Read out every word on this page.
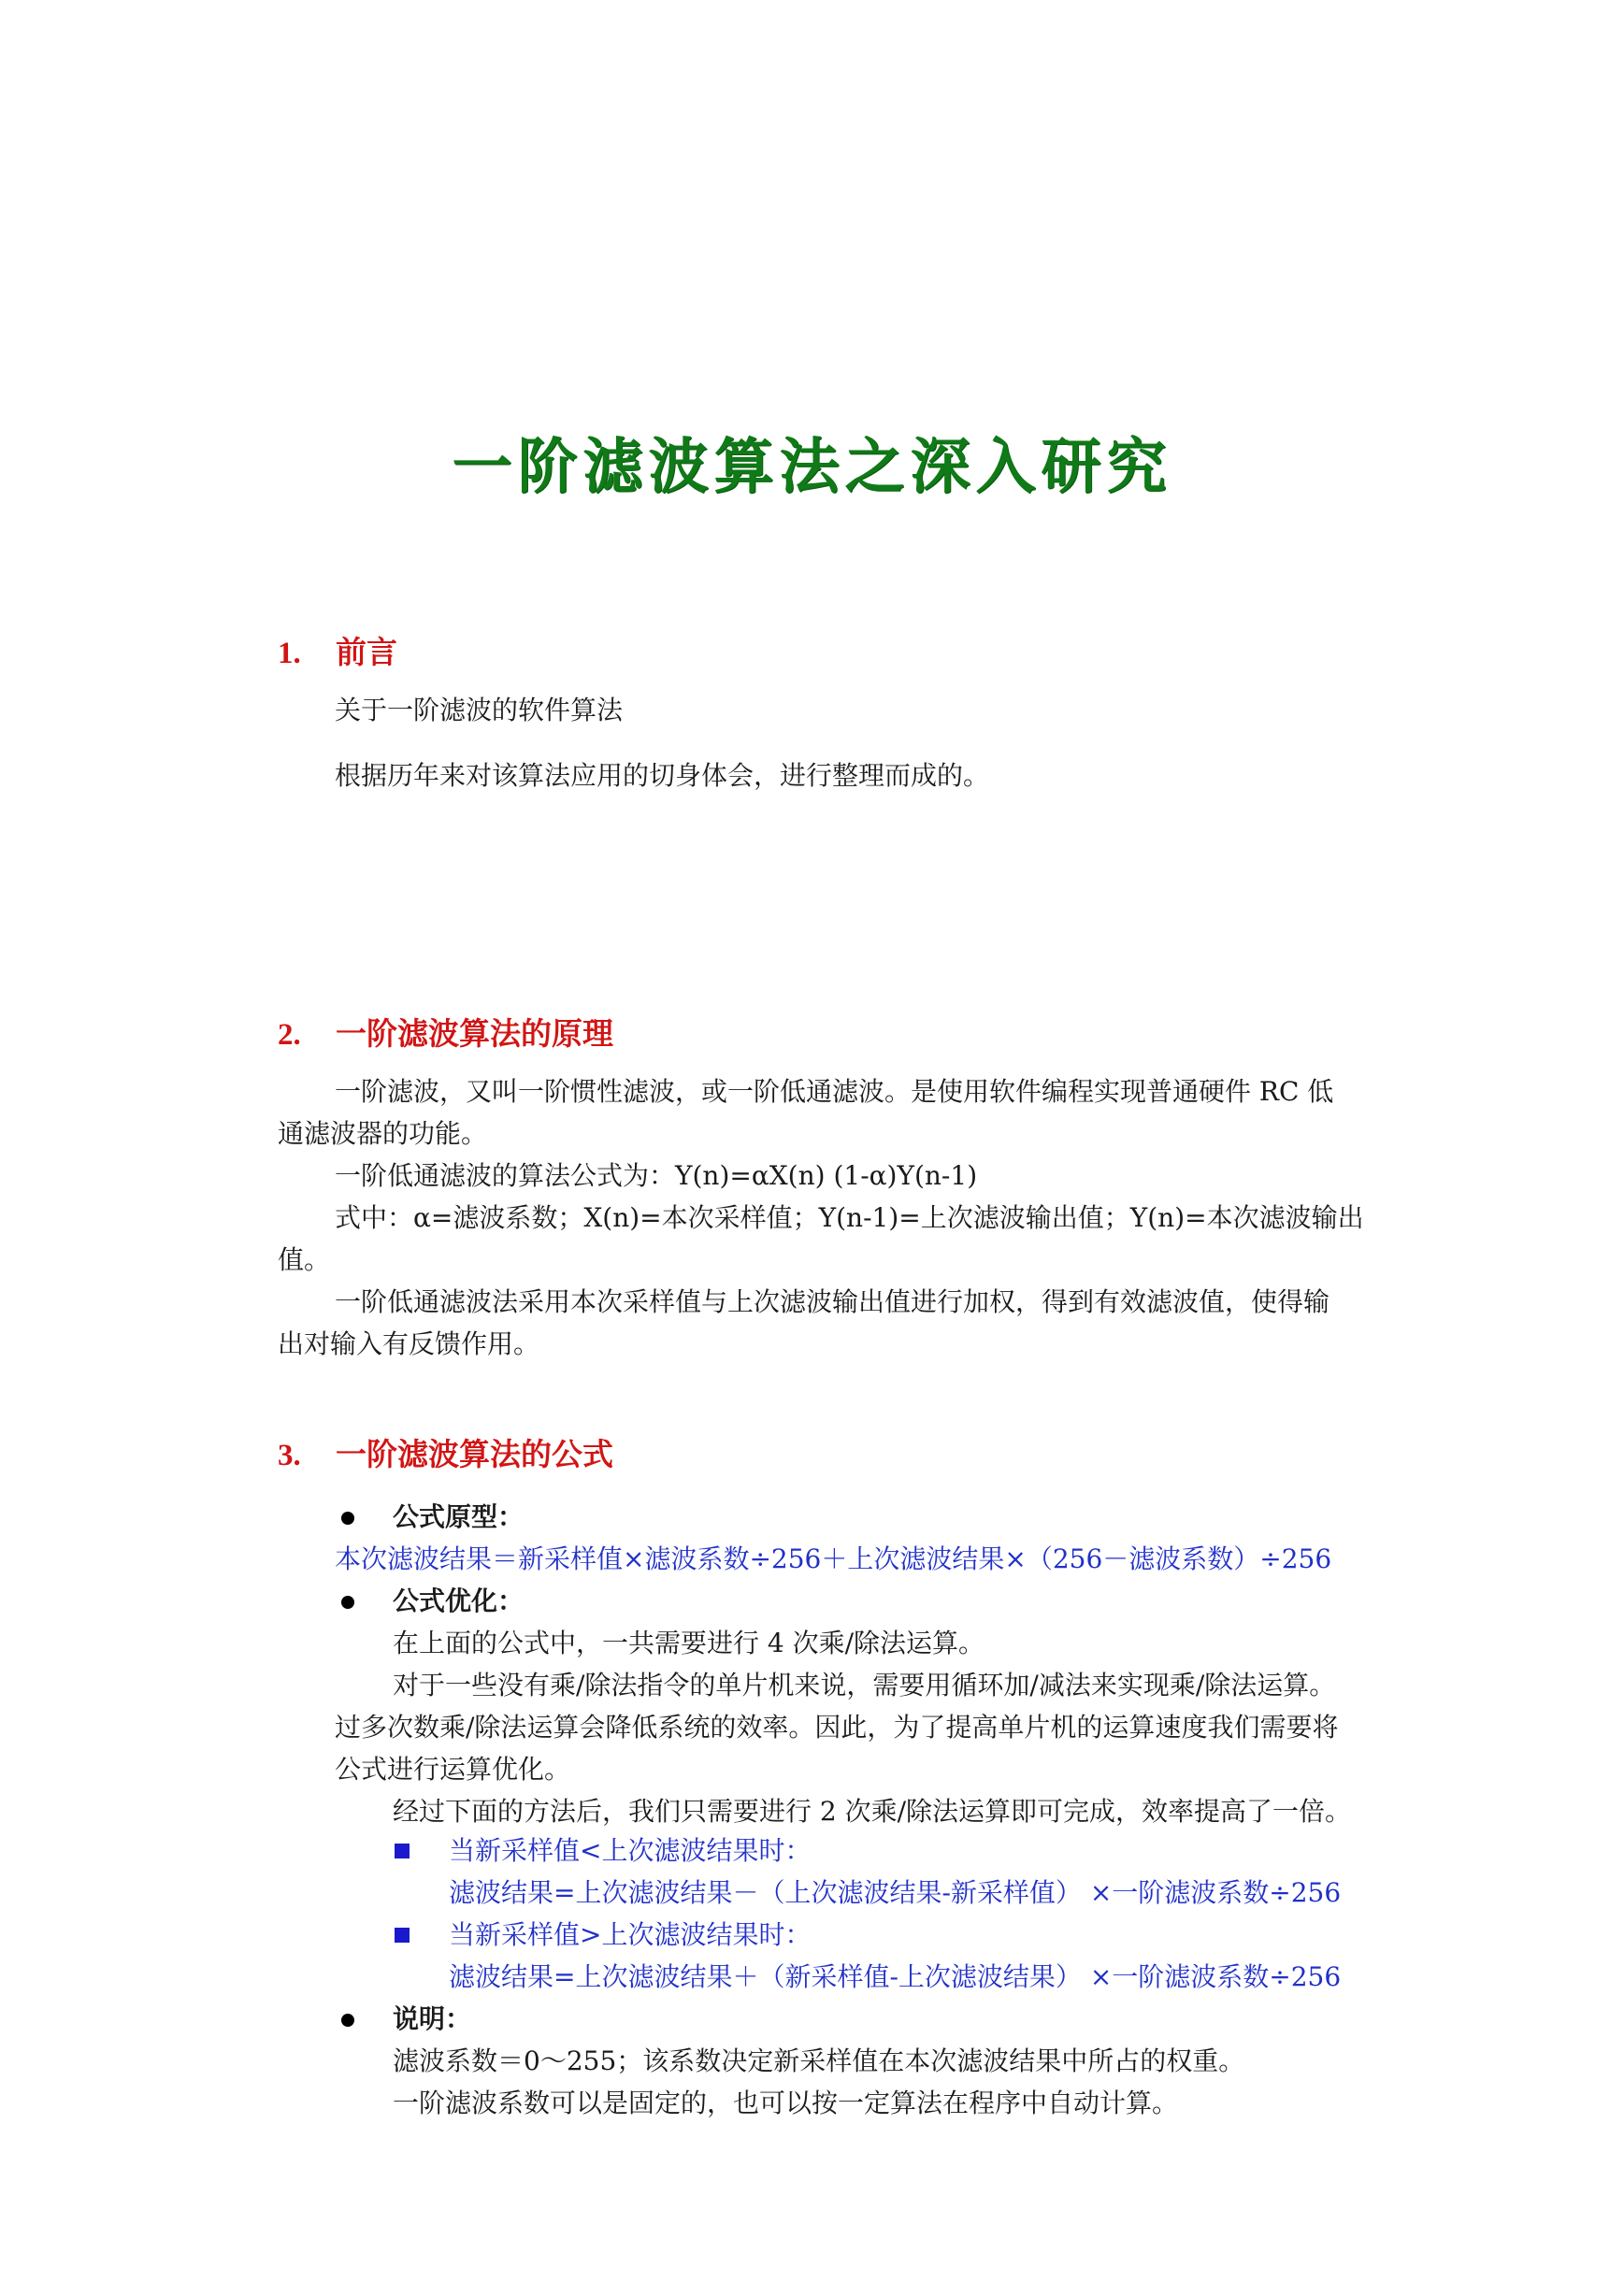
一阶滤波算法之深入研究
1. 前言
关于一阶滤波的软件算法
根据历年来对该算法应用的切身体会，进行整理而成的。
2. 一阶滤波算法的原理
一阶滤波，又叫一阶惯性滤波，或一阶低通滤波。是使用软件编程实现普通硬件 RC 低
通滤波器的功能。
一阶低通滤波的算法公式为：Y(n)=αX(n) (1-α)Y(n-1)
式中：α=滤波系数；X(n)=本次采样值；Y(n-1)=上次滤波输出值；Y(n)=本次滤波输出
值。
一阶低通滤波法采用本次采样值与上次滤波输出值进行加权，得到有效滤波值，使得输
出对输入有反馈作用。
3. 一阶滤波算法的公式
公式原型：
本次滤波结果＝新采样值×滤波系数÷256＋上次滤波结果×（256－滤波系数）÷256
公式优化：
在上面的公式中，一共需要进行 4 次乘/除法运算。
对于一些没有乘/除法指令的单片机来说，需要用循环加/减法来实现乘/除法运算。
过多次数乘/除法运算会降低系统的效率。因此，为了提高单片机的运算速度我们需要将
公式进行运算优化。
经过下面的方法后，我们只需要进行 2 次乘/除法运算即可完成，效率提高了一倍。
当新采样值<上次滤波结果时：
滤波结果=上次滤波结果－（上次滤波结果-新采样值） ×一阶滤波系数÷256
当新采样值>上次滤波结果时：
滤波结果=上次滤波结果＋（新采样值-上次滤波结果） ×一阶滤波系数÷256
说明：
滤波系数＝0～255；该系数决定新采样值在本次滤波结果中所占的权重。
一阶滤波系数可以是固定的，也可以按一定算法在程序中自动计算。
